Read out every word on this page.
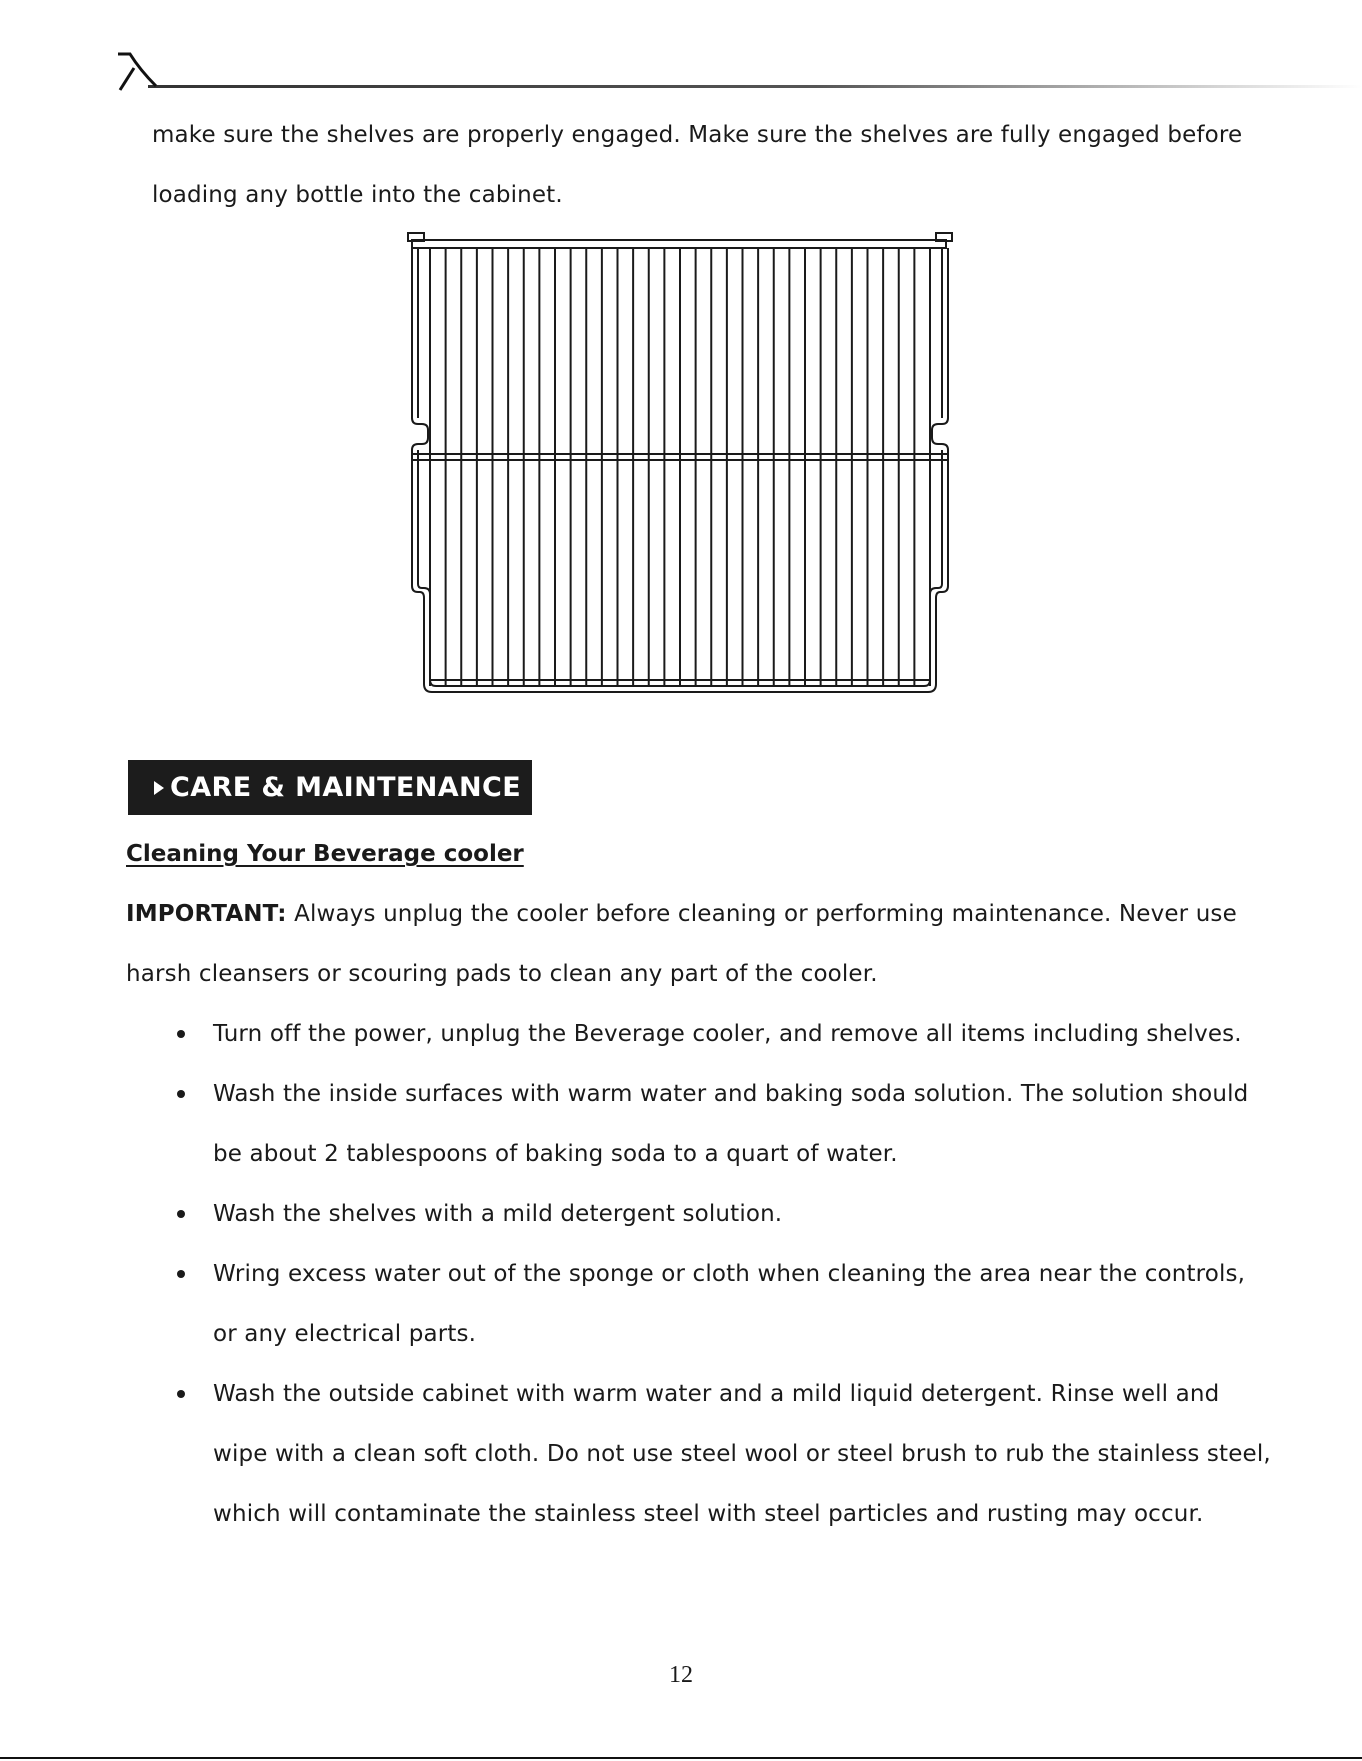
make sure the shelves are properly engaged. Make sure the shelves are fully engaged before loading any bottle into the cabinet.

CARE & MAINTENANCE
Cleaning Your Beverage cooler

IMPORTANT: Always unplug the cooler before cleaning or performing maintenance. Never use harsh cleansers or scouring pads to clean any part of the cooler.

Turn off the power, unplug the Beverage cooler, and remove all items including shelves.
Wash the inside surfaces with warm water and baking soda solution. The solution should be about 2 tablespoons of baking soda to a quart of water.
Wash the shelves with a mild detergent solution.
Wring excess water out of the sponge or cloth when cleaning the area near the controls, or any electrical parts.
Wash the outside cabinet with warm water and a mild liquid detergent. Rinse well and wipe with a clean soft cloth. Do not use steel wool or steel brush to rub the stainless steel, which will contaminate the stainless steel with steel particles and rusting may occur.

12
